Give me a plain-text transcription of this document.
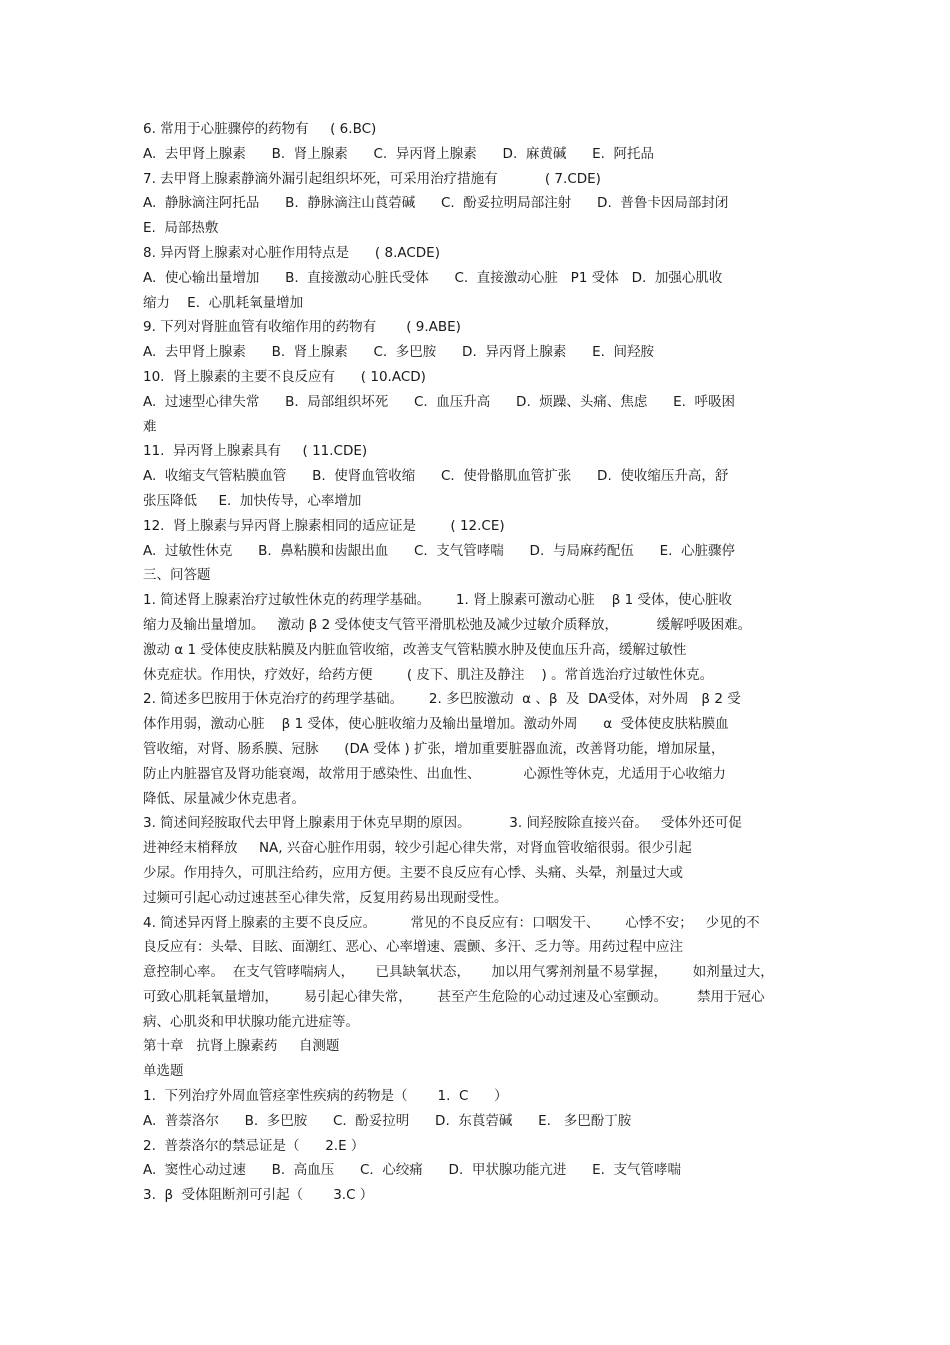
6. 常用于心脏骤停的药物有     ( 6.BC)
A.  去甲肾上腺素      B.  肾上腺素      C.  异丙肾上腺素      D.  麻黄碱      E.  阿托品
7. 去甲肾上腺素静滴外漏引起组织坏死，可采用治疗措施有           ( 7.CDE)
A.  静脉滴注阿托品      B.  静脉滴注山莨菪碱      C.  酚妥拉明局部注射      D.  普鲁卡因局部封闭
E.  局部热敷
8. 异丙肾上腺素对心脏作用特点是      ( 8.ACDE)
A.  使心输出量增加      B.  直接激动心脏氏受体      C.  直接激动心脏   P1 受体   D.  加强心肌收
缩力    E.  心肌耗氧量增加
9. 下列对肾脏血管有收缩作用的药物有       ( 9.ABE)
A.  去甲肾上腺素      B.  肾上腺素      C.  多巴胺      D.  异丙肾上腺素      E.  间羟胺
10.  肾上腺素的主要不良反应有      ( 10.ACD)
A.  过速型心律失常      B.  局部组织坏死      C.  血压升高      D.  烦躁、头痛、焦虑      E.  呼吸困
难
11.  异丙肾上腺素具有     ( 11.CDE)
A.  收缩支气管粘膜血管      B.  使肾血管收缩      C.  使骨骼肌血管扩张      D.  使收缩压升高，舒
张压降低     E.  加快传导，心率增加
12.  肾上腺素与异丙肾上腺素相同的适应证是        ( 12.CE)
A.  过敏性休克      B.  鼻粘膜和齿龈出血      C.  支气管哮喘      D.  与局麻药配伍      E.  心脏骤停
三、问答题
1. 简述肾上腺素治疗过敏性休克的药理学基础。      1. 肾上腺素可激动心脏    β 1 受体，使心脏收
缩力及输出量增加。   激动 β 2 受体使支气管平滑肌松弛及减少过敏介质释放，         缓解呼吸困难。
激动 α 1 受体使皮肤粘膜及内脏血管收缩，改善支气管粘膜水肿及使血压升高，缓解过敏性
休克症状。作用快，疗效好，给药方便        ( 皮下、肌注及静注    ) 。常首选治疗过敏性休克。
2. 简述多巴胺用于休克治疗的药理学基础。      2. 多巴胺激动  α 、β  及  DA受体，对外周   β 2 受
体作用弱，激动心脏    β 1 受体，使心脏收缩力及输出量增加。激动外周      α  受体使皮肤粘膜血
管收缩，对肾、肠系膜、冠脉      (DA 受体 ) 扩张，增加重要脏器血流，改善肾功能，增加尿量，
防止内脏器官及肾功能衰竭，故常用于感染性、出血性、          心源性等休克，尤适用于心收缩力
降低、尿量减少休克患者。
3. 简述间羟胺取代去甲肾上腺素用于休克早期的原因。         3. 间羟胺除直接兴奋。   受体外还可促
进神经末梢释放     NA, 兴奋心脏作用弱，较少引起心律失常，对肾血管收缩很弱。很少引起
少尿。作用持久，可肌注给药，应用方便。主要不良反应有心悸、头痛、头晕，剂量过大或
过频可引起心动过速甚至心律失常，反复用药易出现耐受性。
4. 简述异丙肾上腺素的主要不良反应。        常见的不良反应有：口咽发干、      心悸不安；   少见的不
良反应有：头晕、目眩、面潮红、恶心、心率增速、震颤、多汗、乏力等。用药过程中应注
意控制心率。  在支气管哮喘病人，     已具缺氧状态，     加以用气雾剂剂量不易掌握，      如剂量过大，
可致心肌耗氧量增加，      易引起心律失常，      甚至产生危险的心动过速及心室颤动。       禁用于冠心
病、心肌炎和甲状腺功能亢进症等。
第十章   抗肾上腺素药     自测题
单选题
1.  下列治疗外周血管痉挛性疾病的药物是（       1.  C      ）
A.  普萘洛尔      B.  多巴胺      C.  酚妥拉明      D.  东莨菪碱      E.   多巴酚丁胺
2.  普萘洛尔的禁忌证是（      2.E ）
A.  窦性心动过速      B.  高血压      C.  心绞痛      D.  甲状腺功能亢进      E.  支气管哮喘
3.  β  受体阻断剂可引起（       3.C ）
